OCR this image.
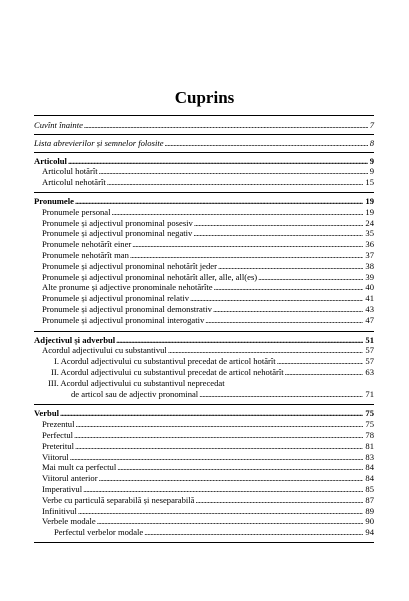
Cuprins
Cuvînt înainte . . .	7
Lista abrevierilor și semnelor folosite . . .	8
Articolul . . .	9
Articolul hotărît . . .	9
Articolul nehotărît . . .	15
Pronumele . . .	19
Pronumele personal . . .	19
Pronumele și adjectivul pronominal posesiv . . .	24
Pronumele și adjectivul pronominal negativ . . .	35
Pronumele nehotărît einer . . .	36
Pronumele nehotărît man . . .	37
Pronumele și adjectivul pronominal nehotărît jeder . . .	38
Pronumele și adjectivul pronominal nehotărît aller, alle, all(es) . . .	39
Alte pronume și adjective pronominale nehotărîte . . .	40
Pronumele și adjectivul pronominal relativ . . .	41
Pronumele și adjectivul pronominal demonstrativ . . .	43
Pronumele și adjectivul pronominal interogativ . . .	47
Adjectivul și adverbul . . .	51
Acordul adjectivului cu substantivul . . .	57
I. Acordul adjectivului cu substantivul precedat de articol hotărît . . .	57
II. Acordul adjectivului cu substantivul precedat de articol nehotărît . . .	63
III. Acordul adjectivului cu substantivul neprecedat
de articol sau de adjectiv pronominal . . .	71
Verbul . . .	75
Prezentul . . .	75
Perfectul . . .	78
Preteritul . . .	81
Viitorul . . .	83
Mai mult ca perfectul . . .	84
Viitorul anterior . . .	84
Imperativul . . .	85
Verbe cu particulă separabilă și neseparabilă . . .	87
Infinitivul . . .	89
Verbele modale . . .	90
Perfectul verbelor modale . . .	94
